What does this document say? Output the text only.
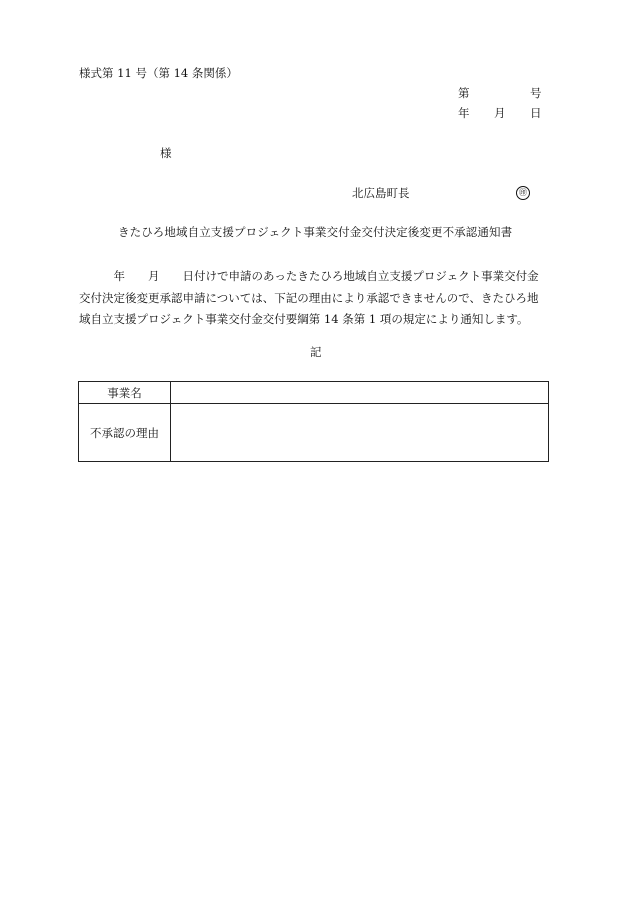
様式第 11 号（第 14 条関係）
第	号
年 月 日
様
北広島町長	㊞
きたひろ地域自立支援プロジェクト事業交付金交付決定後変更不承認通知書

　　　年　　月　　日付けで申請のあったきたひろ地域自立支援プロジェクト事業交付金
交付決定後変更承認申請については、下記の理由により承認できませんので、きたひろ地
域自立支援プロジェクト事業交付金交付要綱第 14 条第 1 項の規定により通知します。

記
事業名	
不承認の理由	
